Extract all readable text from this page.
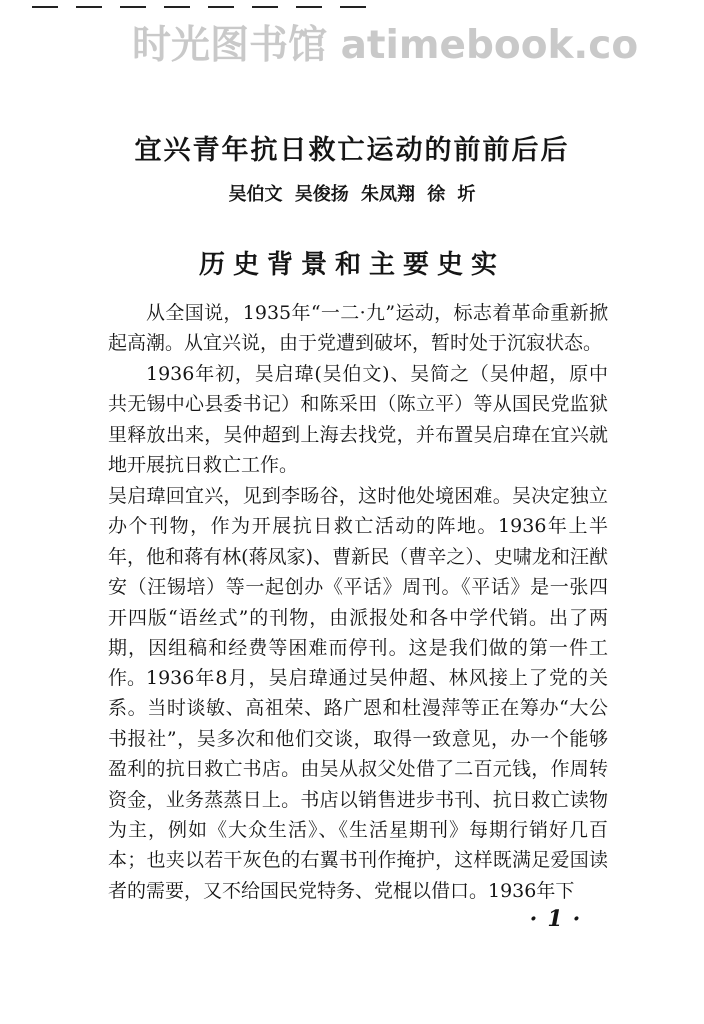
时光图书馆 atimebook.co
宜兴青年抗日救亡运动的前前后后
吴伯文 吴俊扬 朱凤翔 徐 圻
历史背景和主要史实

从全国说，1935年“一二·九”运动，标志着革命重新掀起高潮。从宜兴说，由于党遭到破坏，暂时处于沉寂状态。

1936年初，吴启瑋(吴伯文)、吴简之（吴仲超，原中共无锡中心县委书记）和陈采田（陈立平）等从国民党监狱里释放出来，吴仲超到上海去找党，并布置吴启瑋在宜兴就地开展抗日救亡工作。

吴启瑋回宜兴，见到李旸谷，这时他处境困难。吴决定独立办个刊物，作为开展抗日救亡活动的阵地。1936年上半年，他和蒋有林(蒋凤家)、曹新民（曹辛之）、史啸龙和汪猷安（汪锡培）等一起创办《平话》周刊。《平话》是一张四开四版“语丝式”的刊物，由派报处和各中学代销。出了两期，因组稿和经费等困难而停刊。这是我们做的第一件工作。 1936年8月，吴启瑋通过吴仲超、林风接上了党的关系。当时谈敏、高祖荣、路广恩和杜漫萍等正在筹办“大公书报社”，吴多次和他们交谈，取得一致意见，办一个能够盈利的抗日救亡书店。由吴从叔父处借了二百元钱，作周转资金，业务蒸蒸日上。书店以销售进步书刊、抗日救亡读物为主，例如《大众生活》、《生活星期刊》每期行销好几百本；也夹以若干灰色的右翼书刊作掩护，这样既满足爱国读者的需要，又不给国民党特务、党棍以借口。1936年下

·1·
